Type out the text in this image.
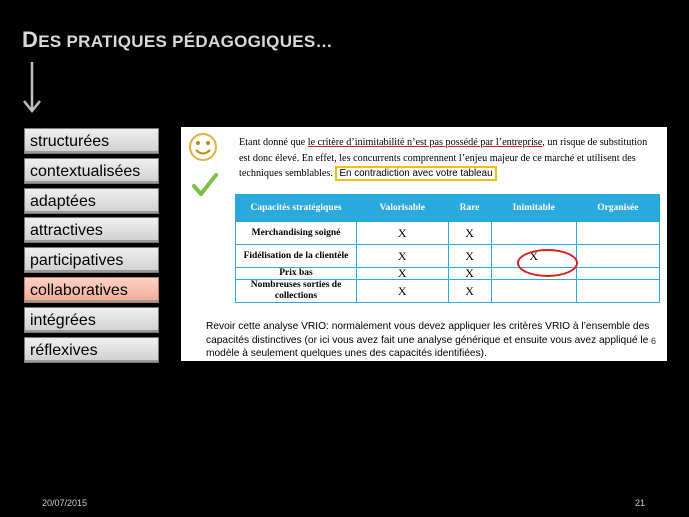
DES PRATIQUES PÉDAGOGIQUES…
structurées
contextualisées
adaptées
attractives
participatives
collaboratives
intégrées
réflexives
Etant donné que le critère d’inimitabilité n’est pas possédé par l’entreprise, un risque de substitution est donc élevé. En effet, les concurrents comprennent l’enjeu majeur de ce marché et utilisent des techniques semblables. En contradiction avec votre tableau
Capacités stratégiques	Valorisable	Rare	Inimitable	Organisée
Merchandising soigné	X	X		
Fidélisation de la clientèle	X	X	X	
Prix bas	X	X		
Nombreuses sorties de collections	X	X		
Revoir cette analyse VRIO: normalement vous devez appliquer les critères VRIO à l’ensemble des capacités distinctives (or ici vous avez fait une analyse générique et ensuite vous avez appliqué le modèle à seulement quelques unes des capacités identifiées).
6
20/07/2015	21
